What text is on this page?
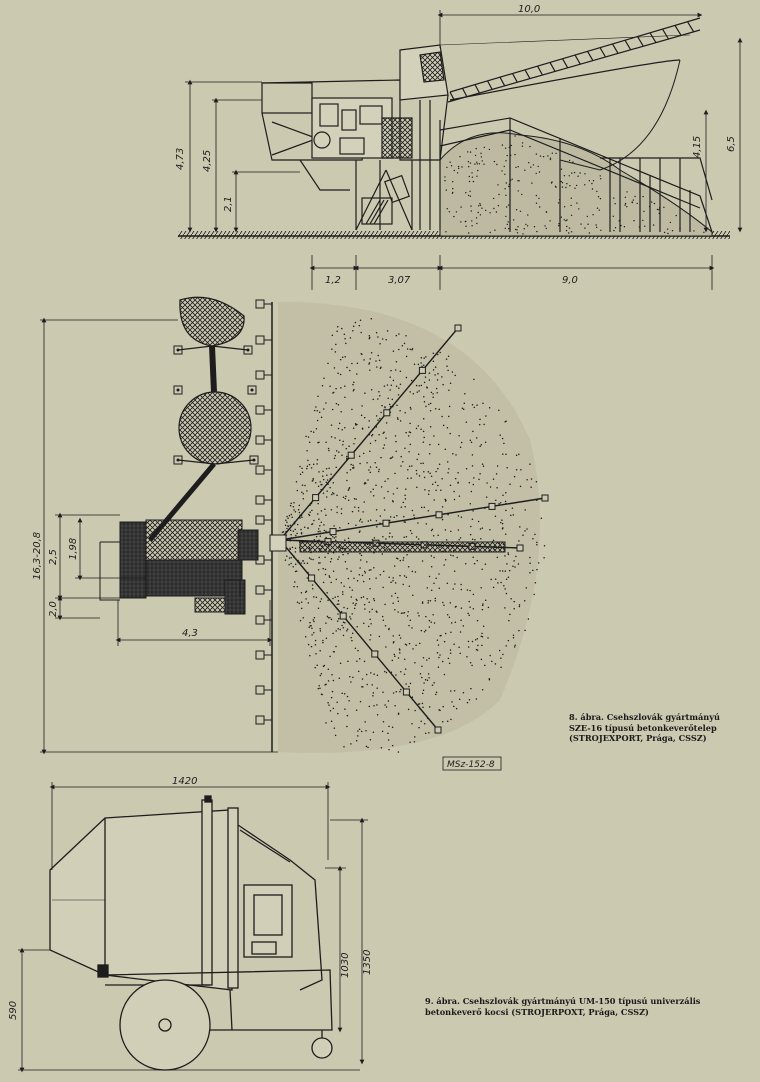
10,0
4,73 4,25
2,1
4,15 6,5
1,2	3,07	9,0
16,3-20,8 2,5 1,98
2,0
4,3
MSz-152-8
1420
1030 1350
590
8. ábra. Csehszlovák gyártmányú
SZE-16 típusú betonkeverőtelep
(STROJEXPORT, Prága, CSSZ)
9. ábra. Csehszlovák gyártmányú UM-150 típusú univerzális
betonkeverő kocsi (STROJERPOXT, Prága, CSSZ)
